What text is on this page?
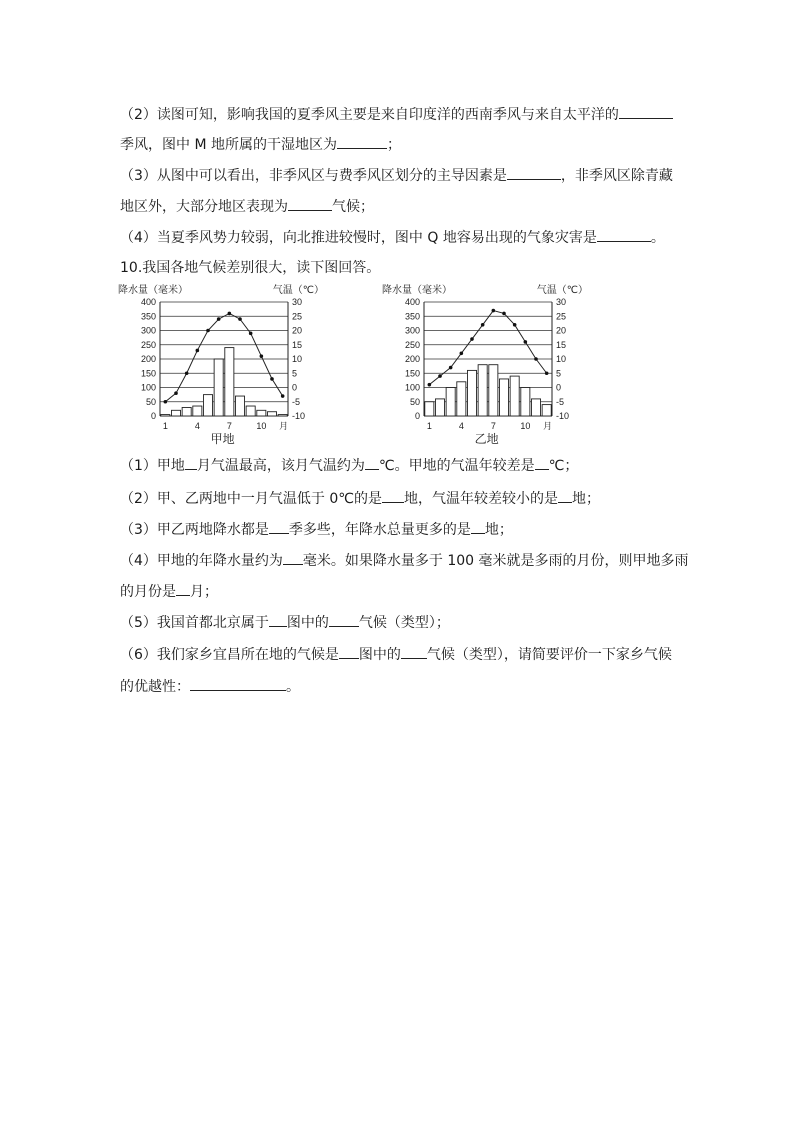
（2）读图可知，影响我国的夏季风主要是来自印度洋的西南季风与来自太平洋的
季风，图中 M 地所属的干湿地区为	；
（3）从图中可以看出，非季风区与费季风区划分的主导因素是	，非季风区除青藏
地区外，大部分地区表现为	气候；
（4）当夏季风势力较弱，向北推进较慢时，图中 Q 地容易出现的气象灾害是	。
10.我国各地气候差别很大，读下图回答。
降水量（毫米）	气温（℃）
400
350
300
250
200
150
100
50
0
30
25
20
15
10
5
0
-5
-10
1	4	7	10 月
甲地
降水量（毫米）	气温（℃）
400
350
300
250
200
150
100
50
0
30
25
20
15
10
5
0
-5
-10
1	4	7	10 月
乙地
（1）甲地 月气温最高，该月气温约为 ℃。甲地的气温年较差是 ℃；
（2）甲、乙两地中一月气温低于 0℃的是 地，气温年较差较小的是 地；
（3）甲乙两地降水都是 季多些，年降水总量更多的是 地；
（4）甲地的年降水量约为 毫米。如果降水量多于 100 毫米就是多雨的月份，则甲地多雨
的月份是 月；
（5）我国首都北京属于 图中的 气候（类型）；
（6）我们家乡宜昌所在地的气候是 图中的 气候（类型），请简要评价一下家乡气候
的优越性：	。
